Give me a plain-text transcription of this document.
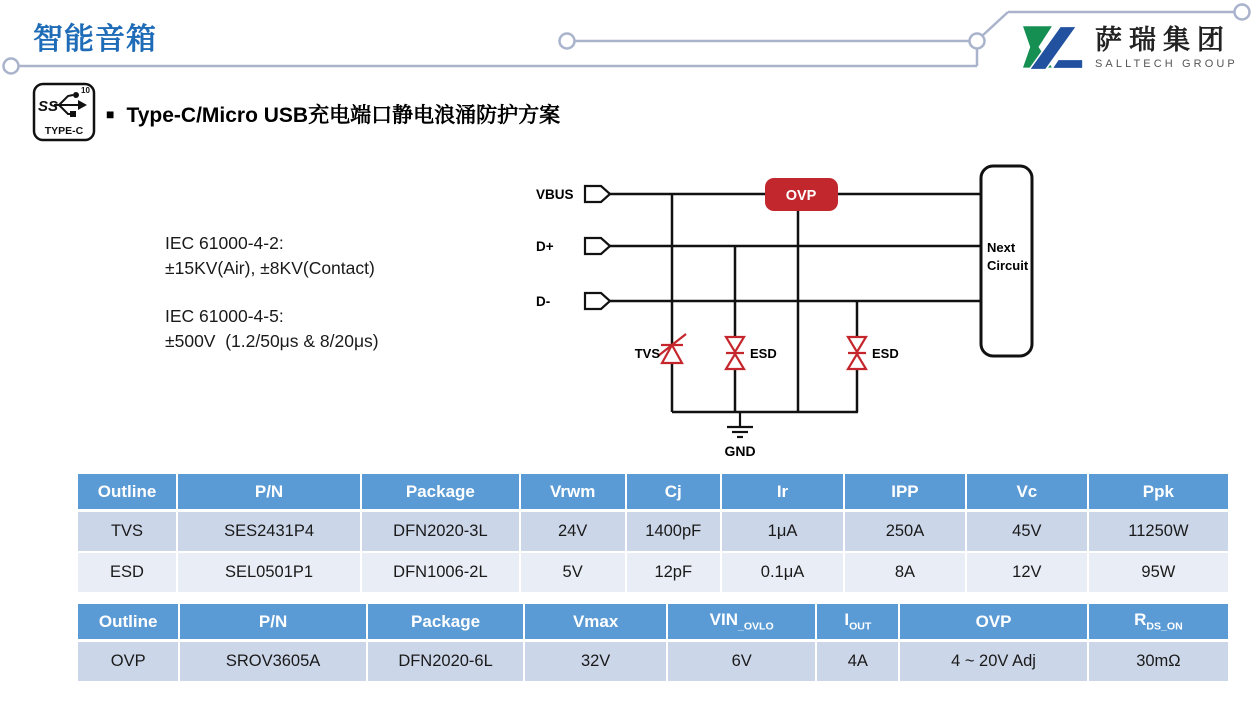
智能音箱	萨瑞集团
SALLTECH GROUP
SS
10
TYPE-C
■ Type-C/Micro USB充电端口静电浪涌防护方案
IEC 61000-4-2:
±15KV(Air), ±8KV(Contact)
IEC 61000-4-5:
±500V  (1.2/50μs & 8/20μs)
VBUS
D+
D-
OVP
Next
Circuit
TVS	ESD	ESD
GND
Outline	P/N	Package	Vrwm	Cj	Ir	IPP	Vc	Ppk
TVS	SES2431P4	DFN2020-3L	24V	1400pF	1μA	250A	45V	11250W
ESD	SEL0501P1	DFN1006-2L	5V	12pF	0.1μA	8A	12V	95W
Outline	P/N	Package	Vmax	$VIN_{\_OVLO}$	$I_{OUT}$	OVP	$R_{DS\_ON}$
OVP	SROV3605A	DFN2020-6L	32V	6V	4A	4 ~ 20V Adj	30mΩ
